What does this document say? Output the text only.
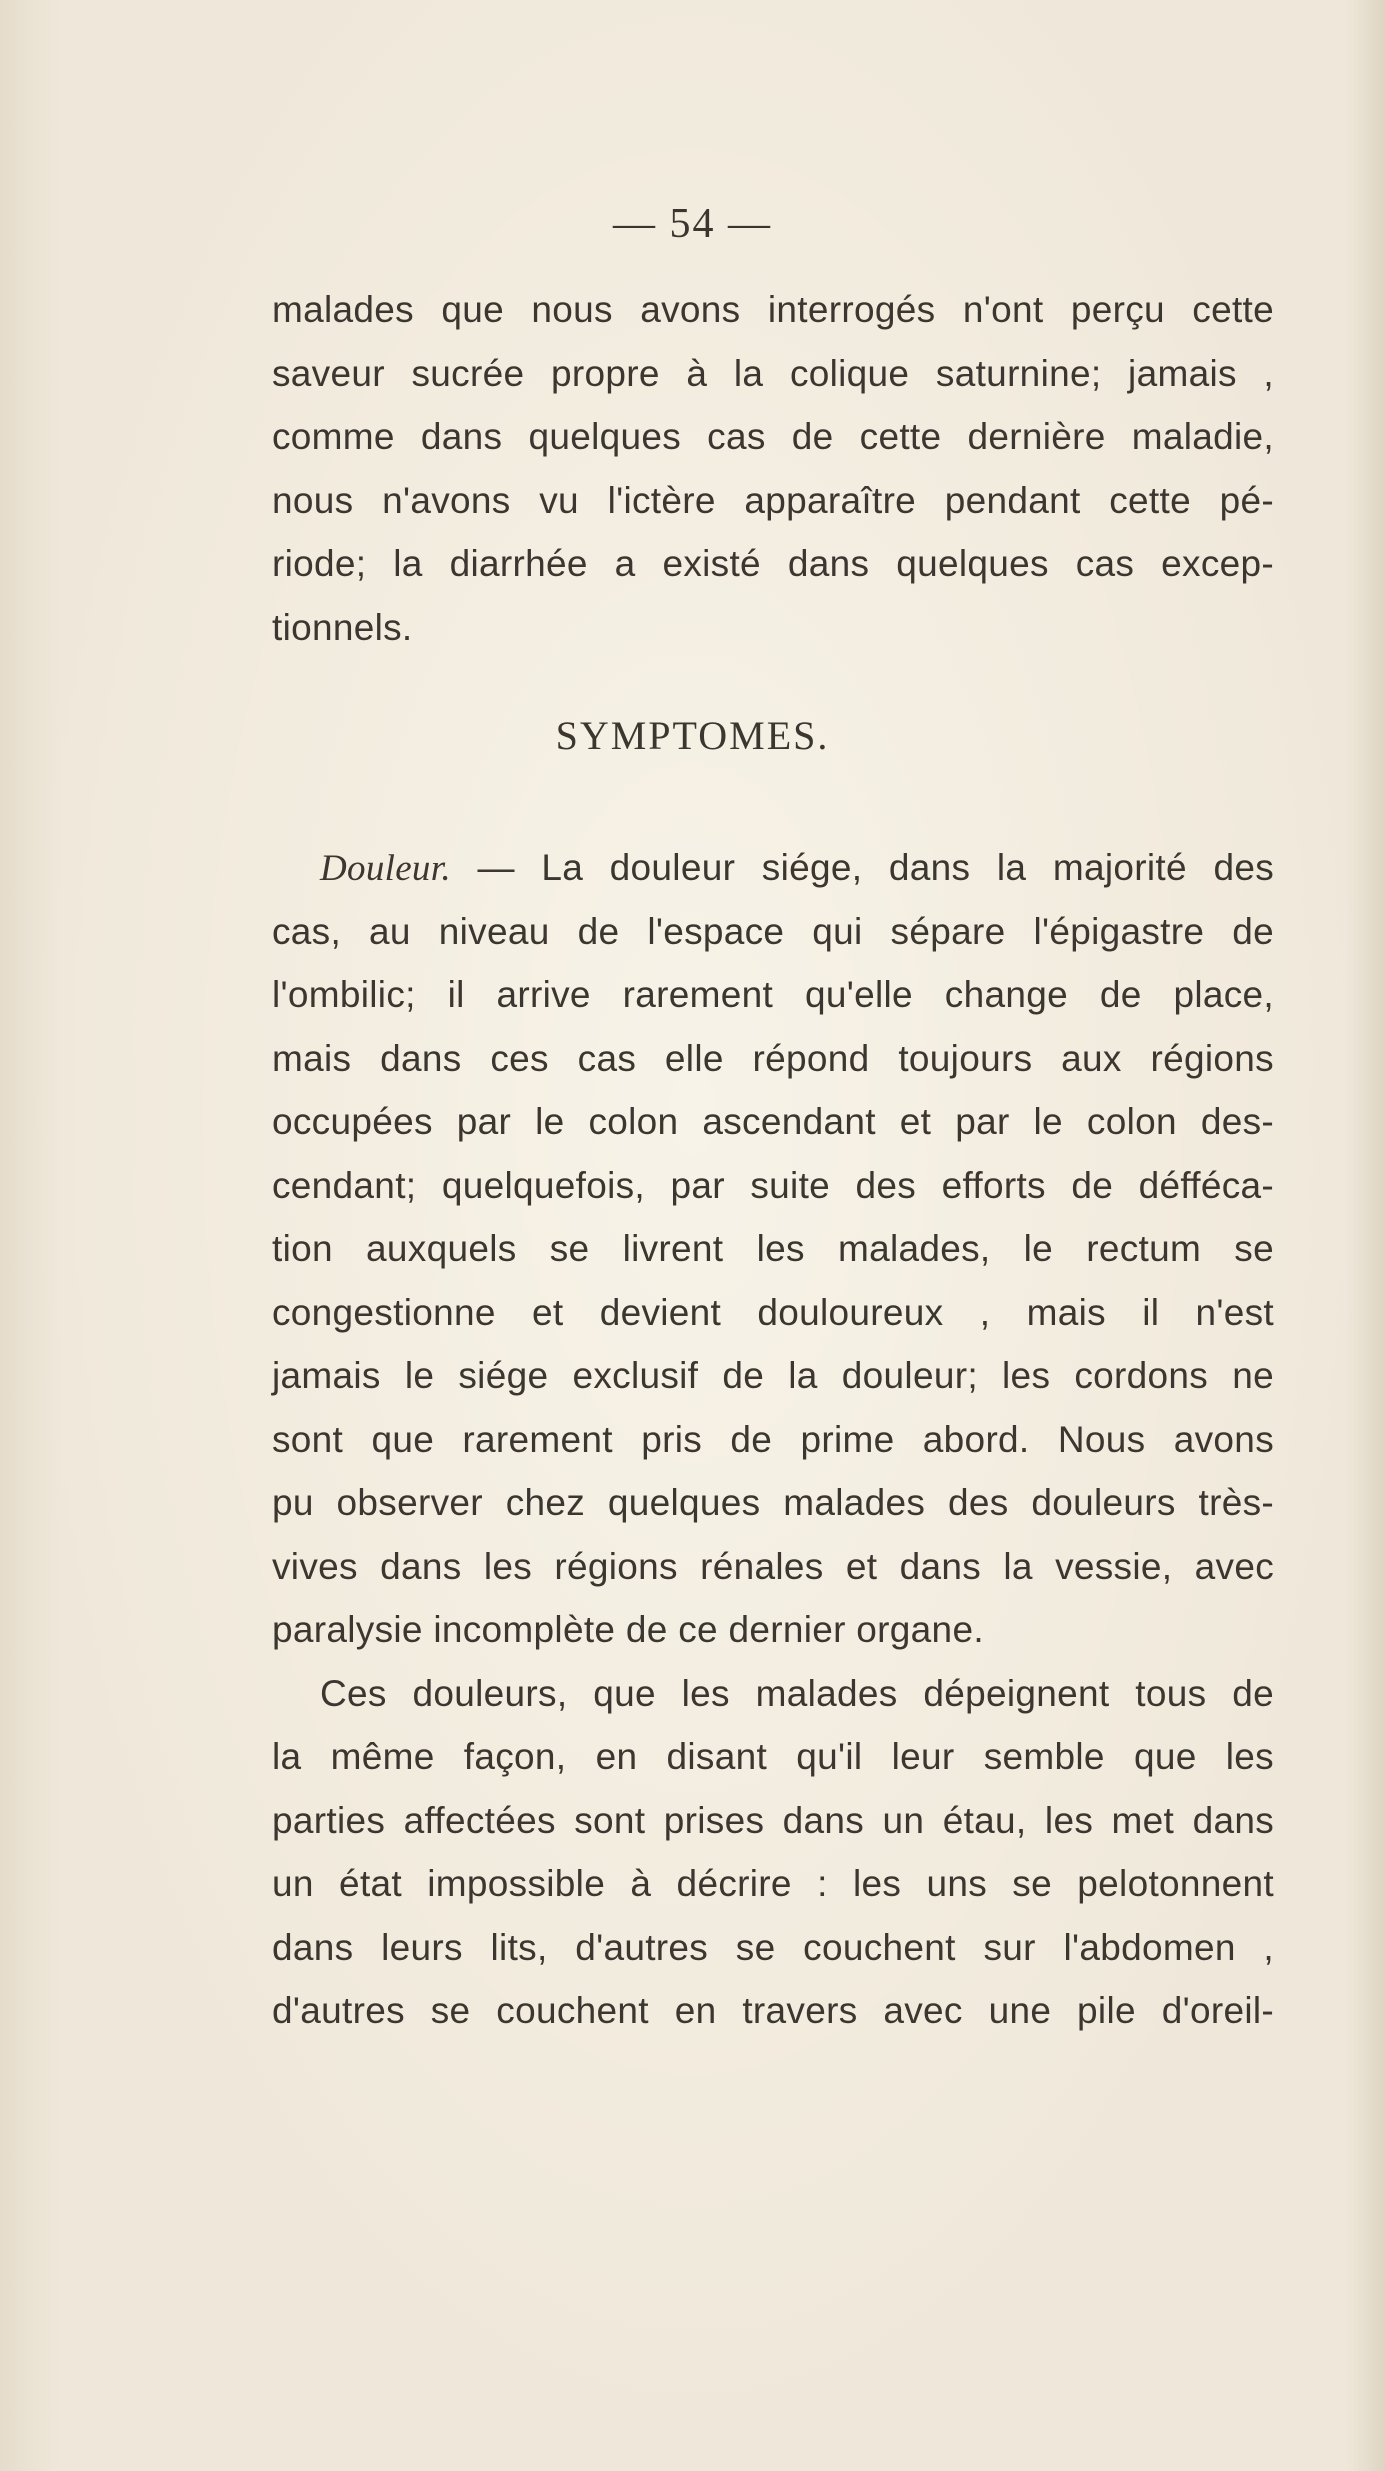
— 54 —
malades que nous avons interrogés n'ont perçu cette
saveur sucrée propre à la colique saturnine; jamais ,
comme dans quelques cas de cette dernière maladie,
nous n'avons vu l'ictère apparaître pendant cette pé-
riode; la diarrhée a existé dans quelques cas excep-
tionnels.
SYMPTOMES.
Douleur. — La douleur siége, dans la majorité des
cas, au niveau de l'espace qui sépare l'épigastre de
l'ombilic; il arrive rarement qu'elle change de place,
mais dans ces cas elle répond toujours aux régions
occupées par le colon ascendant et par le colon des-
cendant; quelquefois, par suite des efforts de défféca-
tion auxquels se livrent les malades, le rectum se
congestionne et devient douloureux , mais il n'est
jamais le siége exclusif de la douleur; les cordons ne
sont que rarement pris de prime abord. Nous avons
pu observer chez quelques malades des douleurs très-
vives dans les régions rénales et dans la vessie, avec
paralysie incomplète de ce dernier organe.
Ces douleurs, que les malades dépeignent tous de
la même façon, en disant qu'il leur semble que les
parties affectées sont prises dans un étau, les met dans
un état impossible à décrire : les uns se pelotonnent
dans leurs lits, d'autres se couchent sur l'abdomen ,
d'autres se couchent en travers avec une pile d'oreil-
